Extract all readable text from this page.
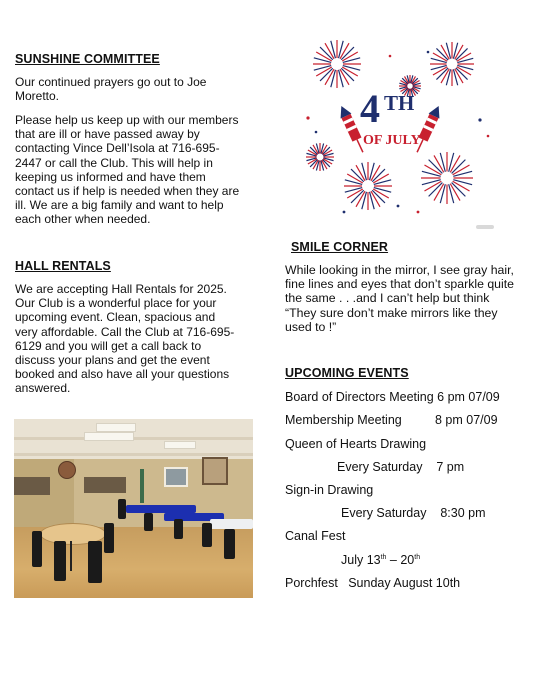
SUNSHINE COMMITTEE
Our continued prayers go out to Joe
Moretto.
Please help us keep up with our members
that are ill or have passed away by
contacting Vince Dell’Isola at 716-695-
2447 or call the Club. This will help in
keeping us informed and have them
contact us if help is needed when they are
ill. We are a big family and want to help
each other when needed.
HALL RENTALS
We are accepting Hall Rentals for 2025.
Our Club is a wonderful place for your
upcoming event. Clean, spacious and
very affordable. Call the Club at 716-695-
6129 and you will get a call back to
discuss your plans and get the event
booked and also have all your questions
answered.
4 TH
OF JULY
SMILE CORNER
While looking in the mirror, I see gray hair,
fine lines and eyes that don’t sparkle quite
the same . . .and I can’t help but think
“They sure don’t make mirrors like they
used to !”
UPCOMING EVENTS
Board of Directors Meeting 6 pm 07/09
Membership Meeting	8 pm 07/09
Queen of Hearts Drawing
Every Saturday    7 pm
Sign-in Drawing
Every Saturday    8:30 pm
Canal Fest
July 13th – 20th
Porchfest   Sunday August 10th
